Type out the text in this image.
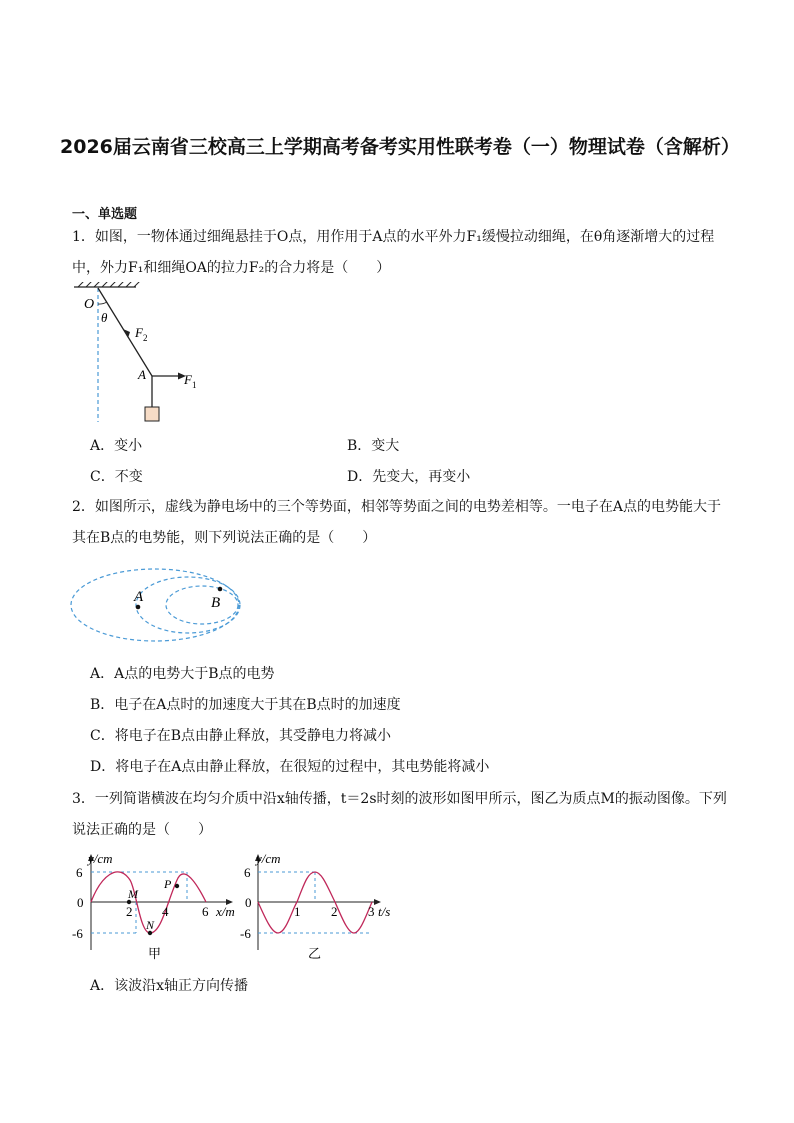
2026届云南省三校高三上学期高考备考实用性联考卷（一）物理试卷（含解析）
一、单选题
1．如图，一物体通过细绳悬挂于O点，用作用于A点的水平外力F₁缓慢拉动细绳，在θ角逐渐增大的过程中，外力F₁和细绳OA的拉力F₂的合力将是（　　）
O
θ
F 2
A	F 1
A．变小	B．变大
C．不变	D．先变大，再变小
2．如图所示，虚线为静电场中的三个等势面，相邻等势面之间的电势差相等。一电子在A点的电势能大于其在B点的电势能，则下列说法正确的是（　　）
A	B
A．A点的电势大于B点的电势
B．电子在A点时的加速度大于其在B点时的加速度
C．将电子在B点由静止释放，其受静电力将减小
D．将电子在A点由静止释放，在很短的过程中，其电势能将减小
3．一列简谐横波在均匀介质中沿x轴传播，t＝2s时刻的波形如图甲所示，图乙为质点M的振动图像。下列说法正确的是（　　）
y/cm
x/m
6
0
-6
2 4	6
M
N
P
甲
y/cm
t/s
6
0
-6
1 2 3
乙
A．该波沿x轴正方向传播
